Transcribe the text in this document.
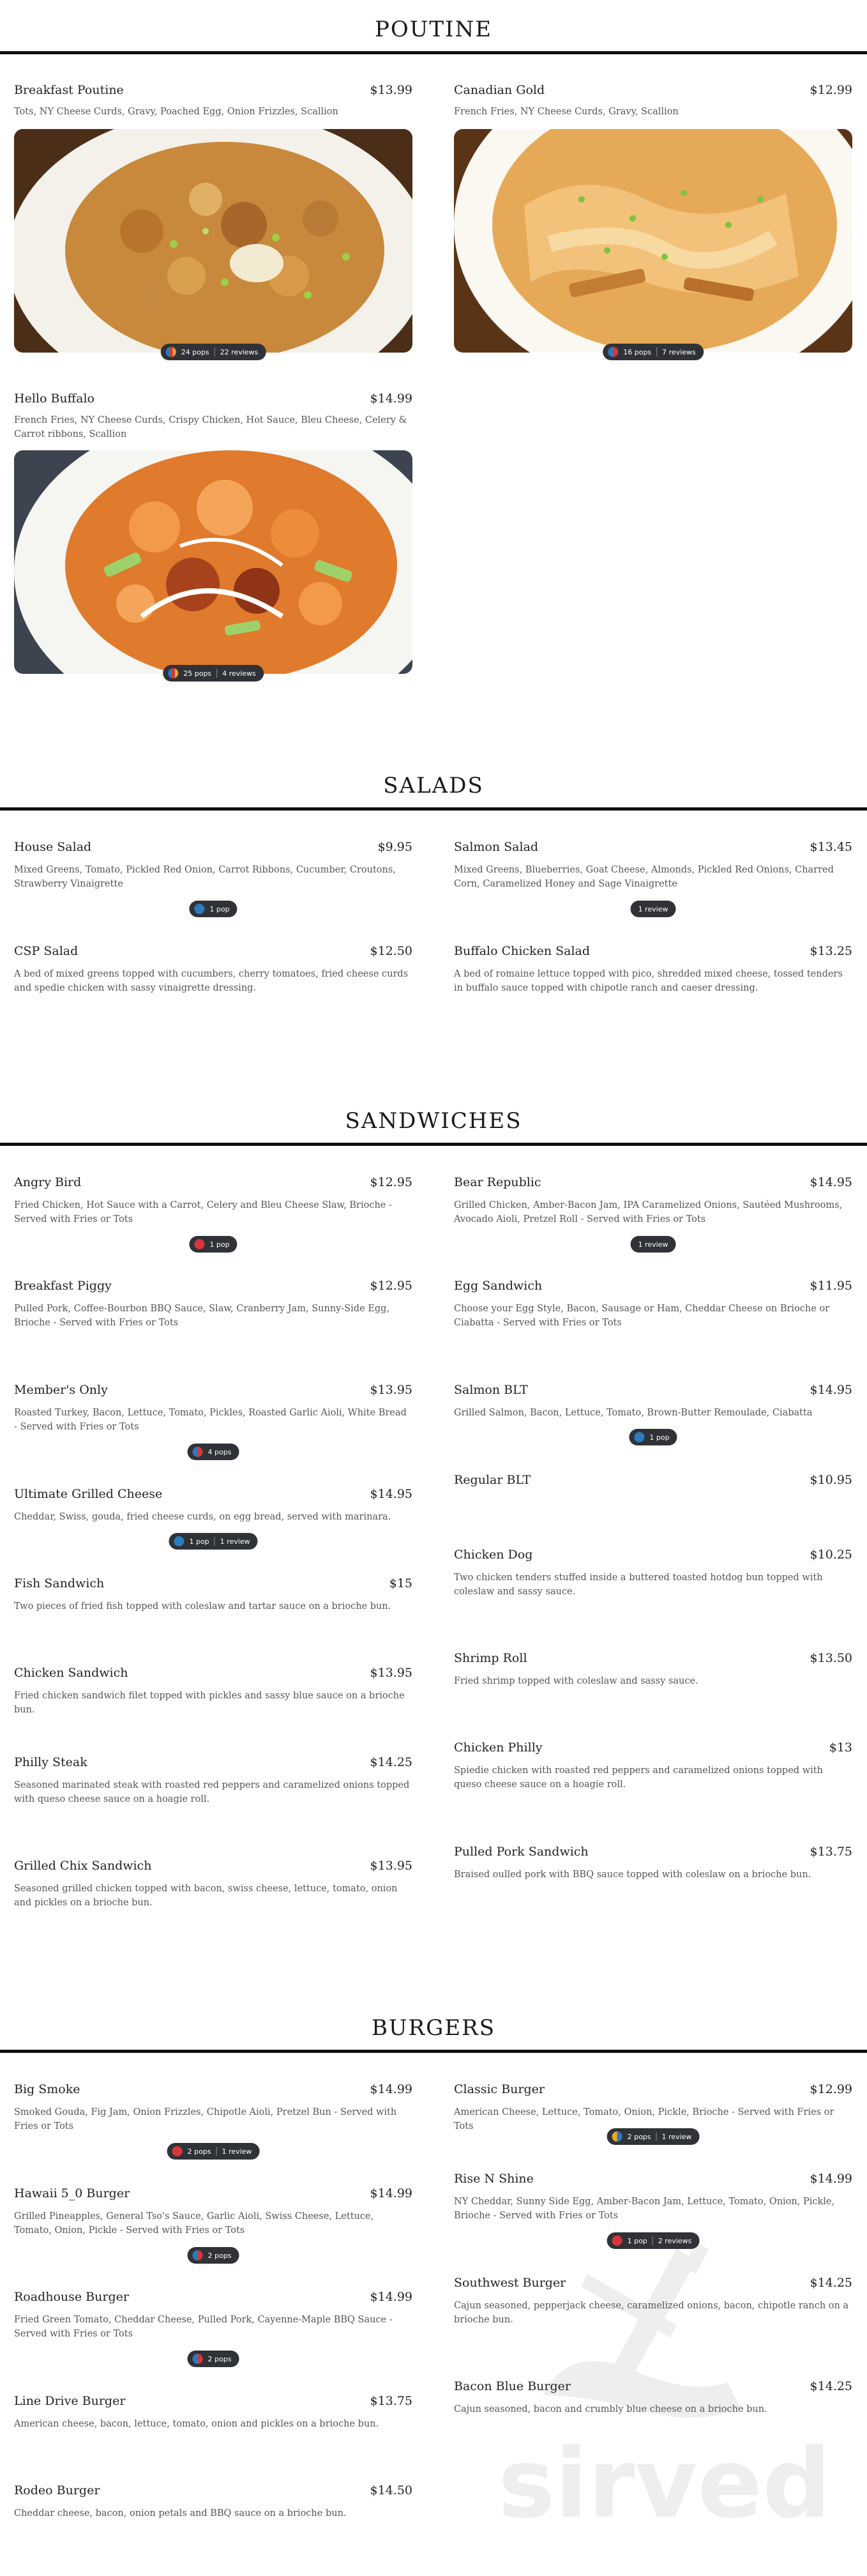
POUTINE
Breakfast Poutine	$13.99
Tots, NY Cheese Curds, Gravy, Poached Egg, Onion Frizzles, Scallion
24 pops 22 reviews
Canadian Gold	$12.99
French Fries, NY Cheese Curds, Gravy, Scallion
16 pops 7 reviews
Hello Buffalo	$14.99
French Fries, NY Cheese Curds, Crispy Chicken, Hot Sauce, Bleu Cheese, Celery & Carrot ribbons, Scallion
25 pops 4 reviews
SALADS
House Salad	$9.95
Mixed Greens, Tomato, Pickled Red Onion, Carrot Ribbons, Cucumber, Croutons, Strawberry Vinaigrette
1 pop
Salmon Salad	$13.45
Mixed Greens, Blueberries, Goat Cheese, Almonds, Pickled Red Onions, Charred Corn, Caramelized Honey and Sage Vinaigrette
1 review
CSP Salad	$12.50
A bed of mixed greens topped with cucumbers, cherry tomatoes, fried cheese curds and spedie chicken with sassy vinaigrette dressing.
Buffalo Chicken Salad	$13.25
A bed of romaine lettuce topped with pico, shredded mixed cheese, tossed tenders in buffalo sauce topped with chipotle ranch and caeser dressing.
SANDWICHES
Angry Bird	$12.95
Fried Chicken, Hot Sauce with a Carrot, Celery and Bleu Cheese Slaw, Brioche - Served with Fries or Tots
1 pop
Breakfast Piggy	$12.95
Pulled Pork, Coffee-Bourbon BBQ Sauce, Slaw, Cranberry Jam, Sunny-Side Egg, Brioche - Served with Fries or Tots
Member's Only	$13.95
Roasted Turkey, Bacon, Lettuce, Tomato, Pickles, Roasted Garlic Aioli, White Bread - Served with Fries or Tots
4 pops
Ultimate Grilled Cheese	$14.95
Cheddar, Swiss, gouda, fried cheese curds, on egg bread, served with marinara.
1 pop 1 review
Fish Sandwich	$15
Two pieces of fried fish topped with coleslaw and tartar sauce on a brioche bun.
Chicken Sandwich	$13.95
Fried chicken sandwich filet topped with pickles and sassy blue sauce on a brioche bun.
Philly Steak	$14.25
Seasoned marinated steak with roasted red peppers and caramelized onions topped with queso cheese sauce on a hoagie roll.
Grilled Chix Sandwich	$13.95
Seasoned grilled chicken topped with bacon, swiss cheese, lettuce, tomato, onion and pickles on a brioche bun.
Bear Republic	$14.95
Grilled Chicken, Amber-Bacon Jam, IPA Caramelized Onions, Sautéed Mushrooms, Avocado Aioli, Pretzel Roll - Served with Fries or Tots
1 review
Egg Sandwich	$11.95
Choose your Egg Style, Bacon, Sausage or Ham, Cheddar Cheese on Brioche or Ciabatta - Served with Fries or Tots
Salmon BLT	$14.95
Grilled Salmon, Bacon, Lettuce, Tomato, Brown-Butter Remoulade, Ciabatta
1 pop
Regular BLT	$10.95
Chicken Dog	$10.25
Two chicken tenders stuffed inside a buttered toasted hotdog bun topped with coleslaw and sassy sauce.
Shrimp Roll	$13.50
Fried shrimp topped with coleslaw and sassy sauce.
Chicken Philly	$13
Spiedie chicken with roasted red peppers and caramelized onions topped with queso cheese sauce on a hoagie roll.
Pulled Pork Sandwich	$13.75
Braised oulled pork with BBQ sauce topped with coleslaw on a brioche bun.
BURGERS
sirved
Big Smoke	$14.99
Smoked Gouda, Fig Jam, Onion Frizzles, Chipotle Aioli, Pretzel Bun - Served with Fries or Tots
2 pops 1 review
Hawaii 5_0 Burger	$14.99
Grilled Pineapples, General Tso's Sauce, Garlic Aioli, Swiss Cheese, Lettuce, Tomato, Onion, Pickle - Served with Fries or Tots
2 pops
Roadhouse Burger	$14.99
Fried Green Tomato, Cheddar Cheese, Pulled Pork, Cayenne-Maple BBQ Sauce - Served with Fries or Tots
2 pops
Line Drive Burger	$13.75
American cheese, bacon, lettuce, tomato, onion and pickles on a brioche bun.
Rodeo Burger	$14.50
Cheddar cheese, bacon, onion petals and BBQ sauce on a brioche bun.
Classic Burger	$12.99
American Cheese, Lettuce, Tomato, Onion, Pickle, Brioche - Served with Fries or Tots
2 pops 1 review
Rise N Shine	$14.99
NY Cheddar, Sunny Side Egg, Amber-Bacon Jam, Lettuce, Tomato, Onion, Pickle, Brioche - Served with Fries or Tots
1 pop 2 reviews
Southwest Burger	$14.25
Cajun seasoned, pepperjack cheese, caramelized onions, bacon, chipotle ranch on a brioche bun.
Bacon Blue Burger	$14.25
Cajun seasoned, bacon and crumbly blue cheese on a brioche bun.
